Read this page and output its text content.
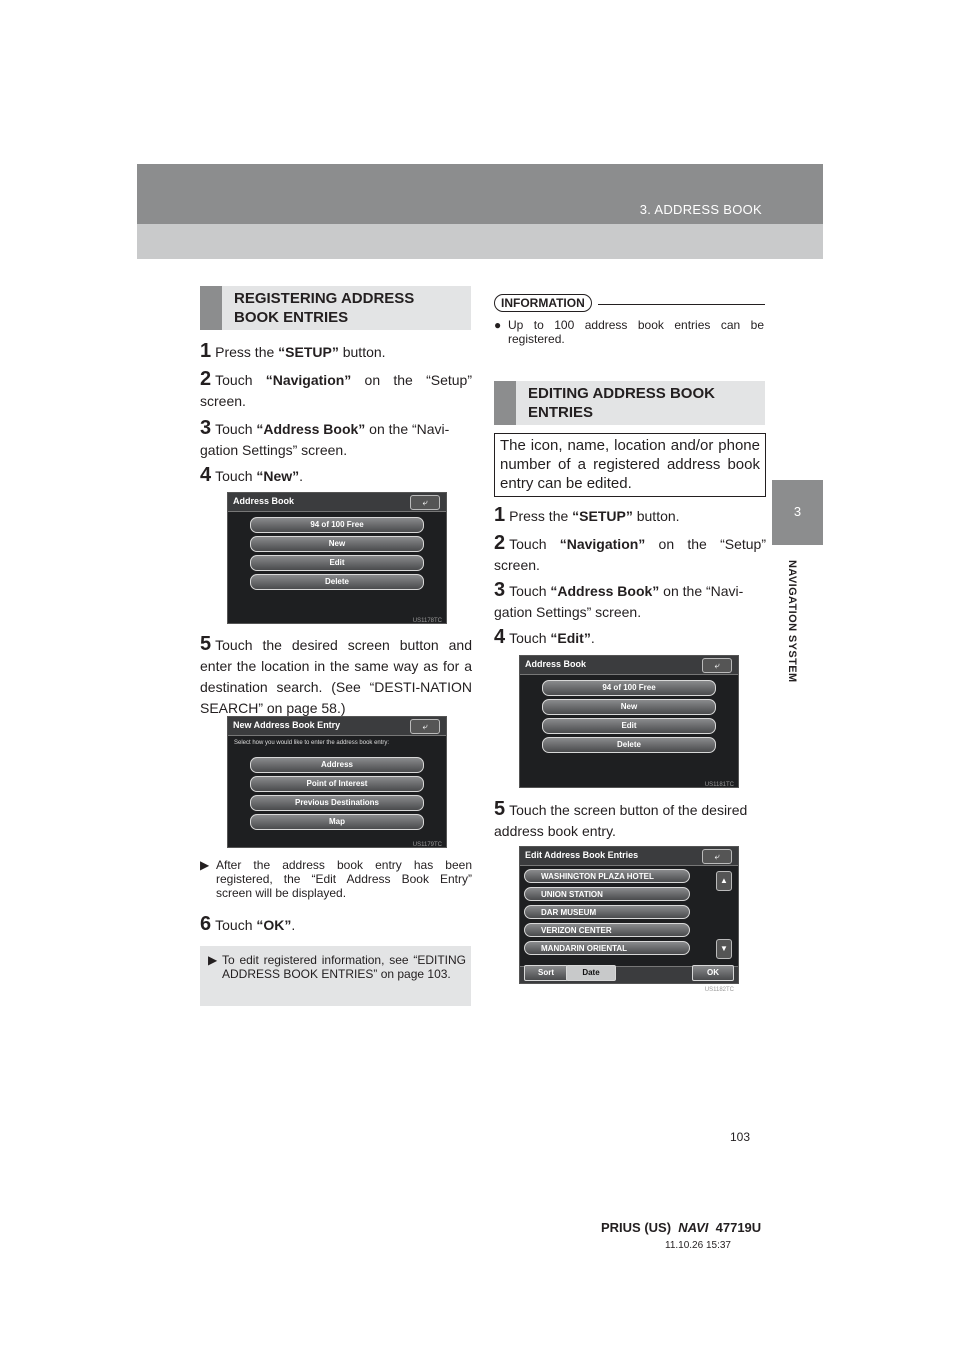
3. ADDRESS BOOK
3
NAVIGATION SYSTEM
REGISTERING ADDRESS BOOK ENTRIES
1 Press the “SETUP” button.
2 Touch “Navigation” on the “Setup” screen.
3 Touch “Address Book” on the “Navi-gation Settings” screen.
4 Touch “New”.
Address Book	⤶
94 of 100 Free
New
Edit
Delete
US1178TC
5 Touch the desired screen button and enter the location in the same way as for a destination search. (See “DESTI-NATION SEARCH” on page 58.)
New Address Book Entry	⤶
Select how you would like to enter the address book entry:
Address
Point of Interest
Previous Destinations
Map
US1179TC
▶ After the address book entry has been registered, the “Edit Address Book Entry” screen will be displayed.
6 Touch “OK”.
▶ To edit registered information, see “EDITING ADDRESS BOOK ENTRIES” on page 103.
INFORMATION
● Up to 100 address book entries can be registered.
EDITING ADDRESS BOOK ENTRIES
The icon, name, location and/or phone number of a registered address book entry can be edited.
1 Press the “SETUP” button.
2 Touch “Navigation” on the “Setup” screen.
3 Touch “Address Book” on the “Navi-gation Settings” screen.
4 Touch “Edit”.
Address Book	⤶
94 of 100 Free
New
Edit
Delete
US1181TC
5 Touch the screen button of the desired address book entry.
Edit Address Book Entries	⤶
WASHINGTON PLAZA HOTEL
UNION STATION
DAR MUSEUM
VERIZON CENTER
MANDARIN ORIENTAL
▲
▼
Sort	Date	OK
US1182TC
103
PRIUS (US) NAVI 47719U
11.10.26 15:37
